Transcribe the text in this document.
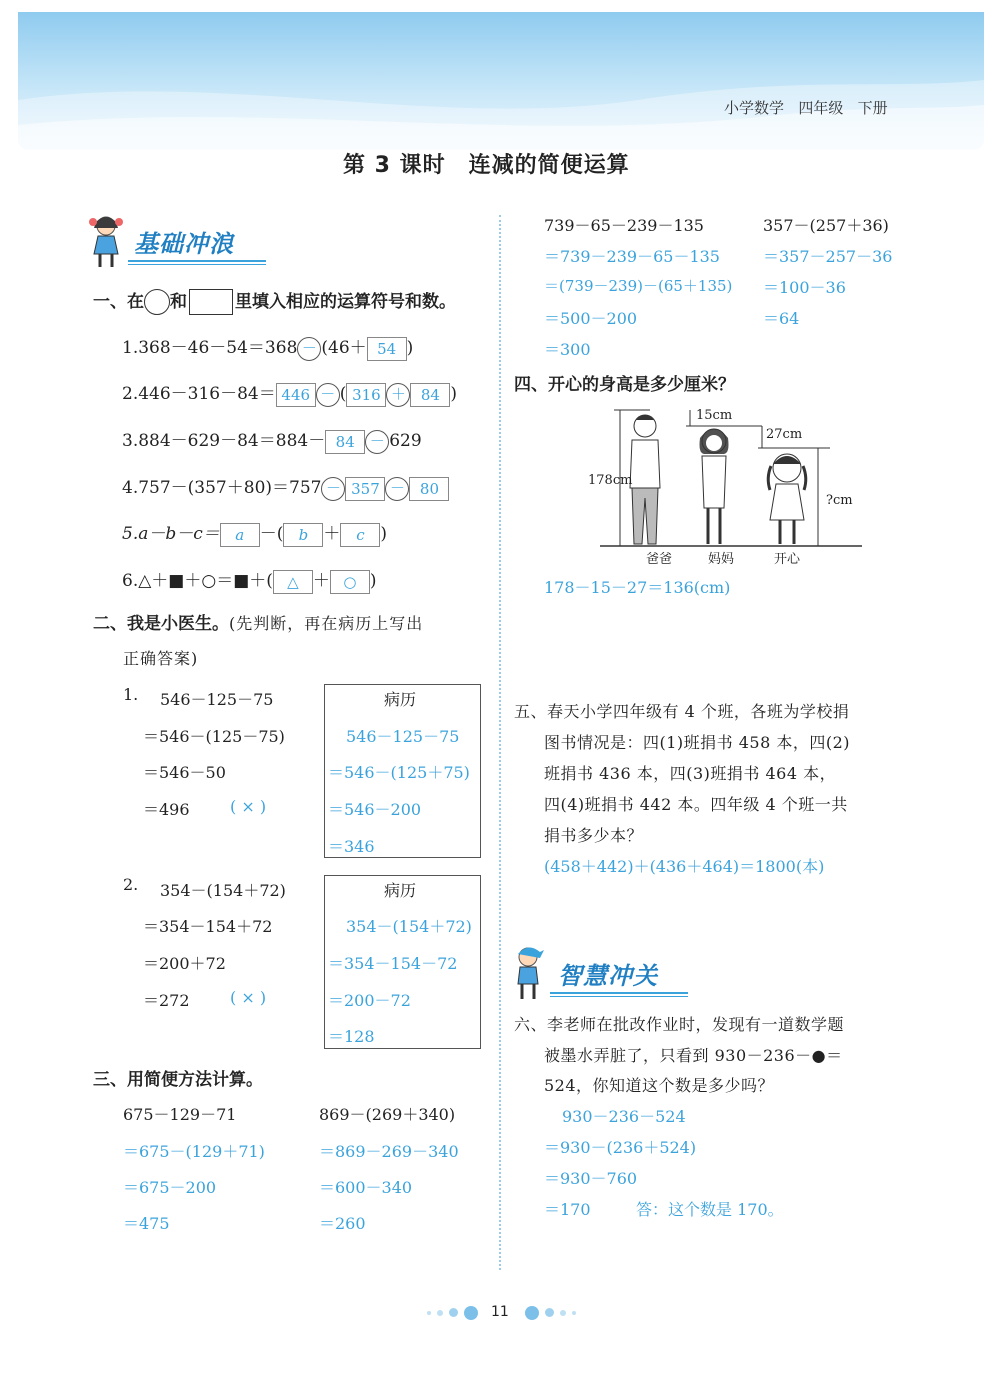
小学数学 四年级 下册
第 3 课时　连减的简便运算
基础冲浪
一、在 和	里填入相应的运算符号和数。
1.368－46－54＝368 － (46＋ 54 )
2.446－316－84＝ 446 － ( 316 ＋ 84 )
3.884－629－84＝884－ 84 － 629
4.757－(357＋80)＝757 － 357 － 80
5.a－b－c＝ a －( b ＋ c )
6.△＋■＋○＝■＋( △ ＋ ○ )
二、我是小医生。(先判断，再在病历上写出
正确答案)
1. 546－125－75
＝546－(125－75)
＝546－50
＝496	( × )
病历
546－125－75
＝546－(125＋75)
＝546－200
＝346
2. 354－(154＋72)
＝354－154＋72
＝200＋72
＝272	( × )
病历
354－(154＋72)
＝354－154－72
＝200－72
＝128
三、用简便方法计算。
675－129－71
＝675－(129＋71)
＝675－200
＝475
869－(269＋340)
＝869－269－340
＝600－340
＝260
739－65－239－135
＝739－239－65－135
＝(739－239)－(65＋135)
＝500－200
＝300
357－(257＋36)
＝357－257－36
＝100－36
＝64
四、开心的身高是多少厘米？
178cm
15cm
27cm
?cm
爸爸	妈妈	开心
178－15－27＝136(cm)
五、春天小学四年级有 4 个班，各班为学校捐
图书情况是：四(1)班捐书 458 本，四(2)
班捐书 436 本，四(3)班捐书 464 本，
四(4)班捐书 442 本。四年级 4 个班一共
捐书多少本？
(458＋442)＋(436＋464)＝1800(本)
智慧冲关
六、李老师在批改作业时，发现有一道数学题
被墨水弄脏了，只看到 930－236－●＝
524，你知道这个数是多少吗？
930－236－524
＝930－(236＋524)
＝930－760
＝170	答：这个数是 170。
11
